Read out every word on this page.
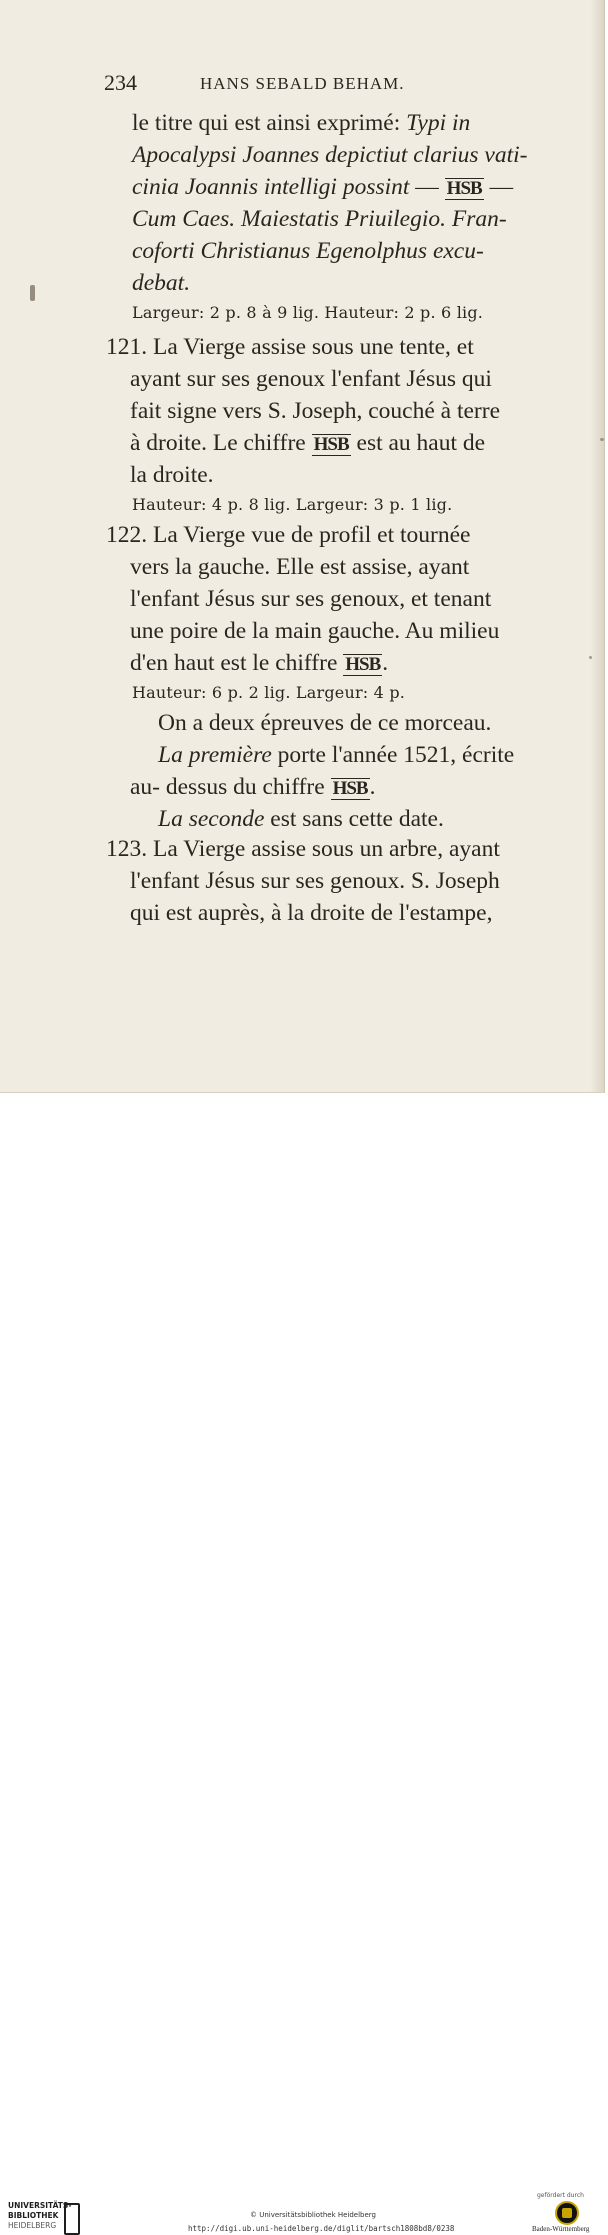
234	HANS SEBALD BEHAM.
le titre qui est ainsi exprimé: Typi in
Apocalypsi Joannes depictiut clarius vati-
cinia Joannis intelligi possint — HSB —
Cum Caes. Maiestatis Priuilegio. Fran-
coforti Christianus Egenolphus excu-
debat.
Largeur: 2 p. 8 à 9 lig. Hauteur: 2 p. 6 lig.
121. La Vierge assise sous une tente, et
ayant sur ses genoux l'enfant Jésus qui
fait signe vers S. Joseph, couché à terre
à droite. Le chiffre HSB est au haut de
la droite.
Hauteur: 4 p. 8 lig. Largeur: 3 p. 1 lig.
122. La Vierge vue de profil et tournée
vers la gauche. Elle est assise, ayant
l'enfant Jésus sur ses genoux, et tenant
une poire de la main gauche. Au milieu
d'en haut est le chiffre HSB.
Hauteur: 6 p. 2 lig. Largeur: 4 p.
On a deux épreuves de ce morceau.
La première porte l'année 1521, écrite
au- dessus du chiffre HSB.
La seconde est sans cette date.
123. La Vierge assise sous un arbre, ayant
l'enfant Jésus sur ses genoux. S. Joseph
qui est auprès, à la droite de l'estampe,
UNIVERSITÄTS-
BIBLIOTHEK
HEIDELBERG
© Universitätsbibliothek Heidelberg
http://digi.ub.uni-heidelberg.de/diglit/bartsch1808bd8/0238
gefördert durch
Baden-Württemberg
